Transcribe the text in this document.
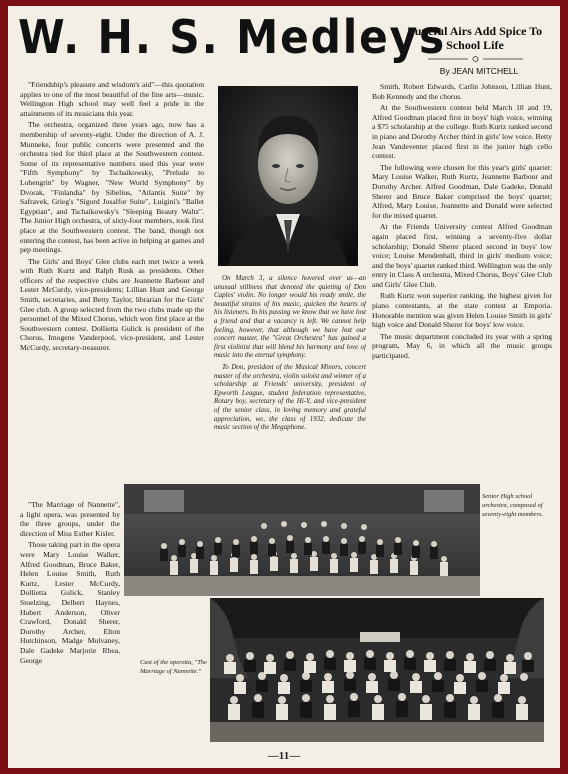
W. H. S. Medleys
Tuneful Airs Add Spice To School Life
By JEAN MITCHELL

"Friendship's pleasure and wisdom's aid"—this quotation applies to one of the most beautiful of the fine arts—music. Wellington High school may well feel a pride in the attainments of its musicians this year.

The orchestra, organized three years ago, now has a membership of seventy-eight. Under the direction of A. J. Munneke, four public concerts were presented and the orchestra tied for third place at the Southwestern contest. Some of its representative numbers used this year were "Fifth Symphony" by Tschaikowsky, "Prelude to Lohengrin" by Wagner, "New World Symphony" by Dvorak, "Finlandia" by Sibelius, "Atlantis Suite" by Safravek, Grieg's "Sigurd Josalfor Suite", Luigini's "Ballet Egyptian", and Tschaikowsky's "Sleeping Beauty Waltz". The Junior High orchestra, of sixty-four members, took first place at the Southwestern contest. The band, though not entering the contest, has been active in helping at games and pep meetings.

The Girls' and Boys' Glee clubs each met twice a week with Ruth Kurtz and Ralph Rusk as presidents. Other officers of the respective clubs are Jeannette Barbour and Lester McCurdy, vice-presidents; Lillian Hunt and George Smith, secretaries, and Betty Taylor, librarian for the Girls' Glee club. A group selected from the two clubs made up the personnel of the Mixed Chorus, which won first place at the Southwestern contest. Dollietta Gulick is president of the Chorus, Imogene Vanderpool, vice-president, and Lester McCurdy, secretary-treasurer.

"The Marriage of Nannette", a light opera, was presented by the three groups, under the direction of Miss Esther Kisler.

Those taking part in the opera were Mary Louise Walker, Alfred Goodman, Bruce Baker, Helen Louise Smith, Ruth Kurtz, Lester McCurdy, Dollietta Gulick, Stanley Stoelzing, Delbert Haynes, Hubert Anderson, Oliver Crawford, Donald Sherer, Dorothy Archer, Elton Hutchinson, Madge Mulvaney, Dale Gadeke Marjorie Rhea, George

On March 3, a silence hovered over us—an unusual stillness that denoted the quieting of Don Caples' violin. No longer would his ready smile, the beautiful strains of his music, quicken the hearts of his listeners. In his passing we know that we have lost a friend and that a vacancy is left. We cannot help feeling, however, that although we have lost our concert master, the "Great Orchestra" has gained a first violinist that will blend his harmony and love of music into the eternal symphony.

To Don, president of the Musical Minors, concert master of the orchestra, violin soloist and winner of a scholarship at Friends' university, president of Epworth League, student federation representative, Rotary boy, secretary of the Hi-Y, and vice-president of the senior class, in loving memory and grateful appreciation, we, the class of 1932, dedicate the music section of the Megaphone.

Smith, Robert Edwards, Carlin Johnson, Lillian Hunt, Bob Kennedy and the chorus.

At the Southwestern contest held March 18 and 19, Alfred Goodman placed first in boys' high voice, winning a $75 scholarship at the college. Ruth Kurtz ranked second in piano and Dorothy Archer third in girls' low voice. Betty Jean Vandeventer placed first in the junior high cello contest.

The following were chosen for this year's girls' quartet: Mary Louise Walker, Ruth Kurtz, Jeannette Barbour and Dorothy Archer. Alfred Goodman, Dale Gadeke, Donald Sherer and Bruce Baker comprised the boys' quartet; Alfred, Mary Louise, Jeannette and Donald were selected for the mixed quartet.

At the Friends University contest Alfred Goodman again placed first, winning a seventy-five dollar scholarship; Donald Sherer placed second in boys' low voice; Louise Mendenhall, third in girls' medium voice; and the boys' quartet ranked third. Wellington was the only entry in Class A orchestra, Mixed Chorus, Boys' Glee Club and Girls' Glee Club.

Ruth Kurtz won superior ranking, the highest given for piano contestants, at the state contest at Emporia. Honorable mention was given Helen Louise Smith in girls' high voice and Donald Sherer for boys' low voice.

The music department concluded its year with a spring program, May 6, in which all the music groups participated.

Senior High school orchestra, composed of seventy-eight members.
Cast of the operetta, "The Marriage of Nannette."
—11—
